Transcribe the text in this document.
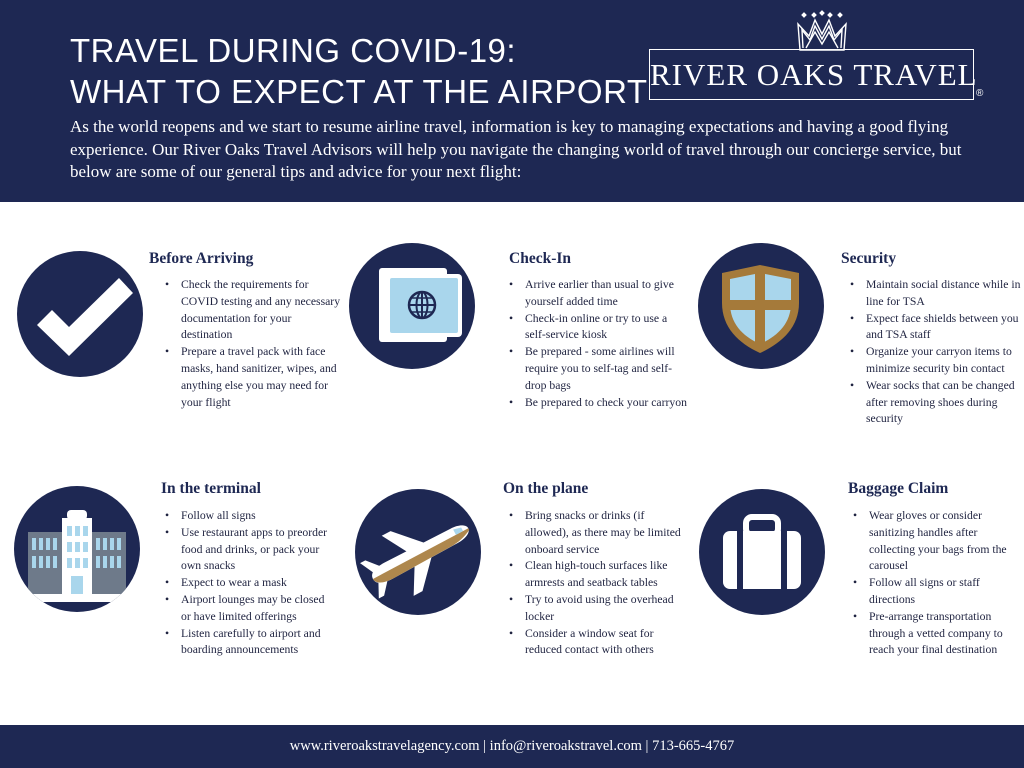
TRAVEL DURING COVID-19:
WHAT TO EXPECT AT THE AIRPORT RIVER OAKS TRAVEL
®
As the world reopens and we start to resume airline travel, information is key to managing expectations and having a good flying experience. Our River Oaks Travel Advisors will help you navigate the changing world of travel through our concierge service, but below are some of our general tips and advice for your next flight:
Before Arriving
• Check the requirements for COVID testing and any necessary documentation for your destination
• Prepare a travel pack with face masks, hand sanitizer, wipes, and anything else you may need for your flight
Check-In
• Arrive earlier than usual to give yourself added time
• Check-in online or try to use a self-service kiosk
• Be prepared - some airlines will require you to self-tag and self-drop bags
• Be prepared to check your carryon
Security
• Maintain social distance while in line for TSA
• Expect face shields between you and TSA staff
• Organize your carryon items to minimize security bin contact
• Wear socks that can be changed after removing shoes during security
In the terminal
• Follow all signs
• Use restaurant apps to preorder food and drinks, or pack your own snacks
• Expect to wear a mask
• Airport lounges may be closed or have limited offerings
• Listen carefully to airport and boarding announcements
On the plane
• Bring snacks or drinks (if allowed), as there may be limited onboard service
• Clean high-touch surfaces like armrests and seatback tables
• Try to avoid using the overhead locker
• Consider a window seat for reduced contact with others
Baggage Claim
• Wear gloves or consider sanitizing handles after collecting your bags from the carousel
• Follow all signs or staff directions
• Pre-arrange transportation through a vetted company to reach your final destination
www.riveroakstravelagency.com | info@riveroakstravel.com | 713-665-4767
